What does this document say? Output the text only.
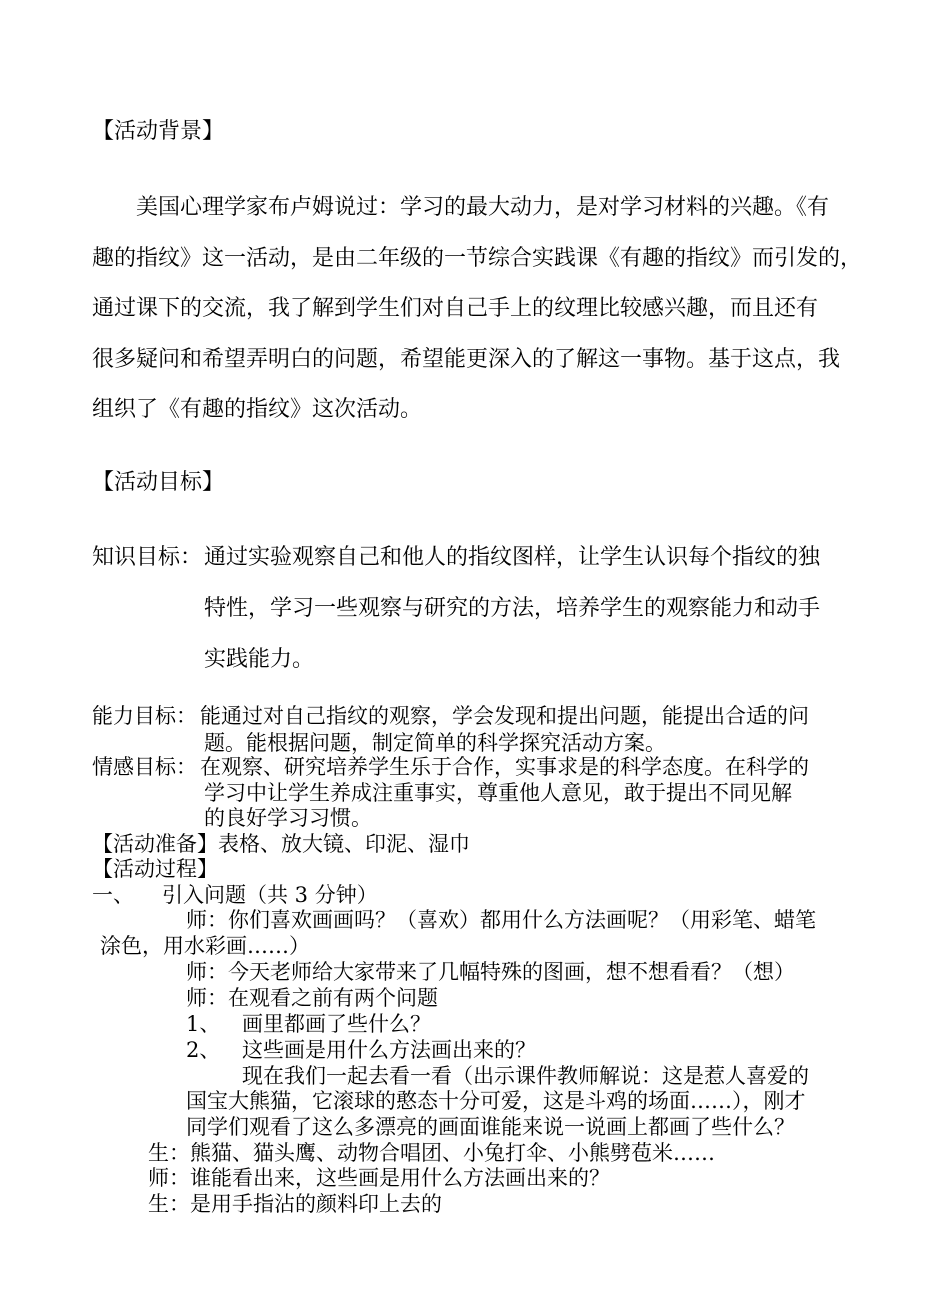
【活动背景】
美国心理学家布卢姆说过：学习的最大动力，是对学习材料的兴趣。《有
趣的指纹》这一活动，是由二年级的一节综合实践课《有趣的指纹》而引发的，
通过课下的交流，我了解到学生们对自己手上的纹理比较感兴趣，而且还有
很多疑问和希望弄明白的问题，希望能更深入的了解这一事物。基于这点，我
组织了《有趣的指纹》这次活动。
【活动目标】
知识目标： 通过实验观察自己和他人的指纹图样，让学生认识每个指纹的独
特性，学习一些观察与研究的方法，培养学生的观察能力和动手
实践能力。
能力目标： 能通过对自己指纹的观察，学会发现和提出问题，能提出合适的问
题。能根据问题，制定简单的科学探究活动方案。
情感目标： 在观察、研究培养学生乐于合作，实事求是的科学态度。在科学的
学习中让学生养成注重事实，尊重他人意见，敢于提出不同见解
的良好学习习惯。
【活动准备】表格、放大镜、印泥、湿巾
【活动过程】
一、 引入问题（共 3 分钟）
师：你们喜欢画画吗？（喜欢）都用什么方法画呢？（用彩笔、蜡笔
涂色，用水彩画……）
师：今天老师给大家带来了几幅特殊的图画，想不想看看？（想）
师：在观看之前有两个问题
1、 画里都画了些什么？
2、 这些画是用什么方法画出来的？
现在我们一起去看一看（出示课件教师解说：这是惹人喜爱的
国宝大熊猫，它滚球的憨态十分可爱，这是斗鸡的场面……），刚才
同学们观看了这么多漂亮的画面谁能来说一说画上都画了些什么？
生：熊猫、猫头鹰、动物合唱团、小兔打伞、小熊劈苞米……
师：谁能看出来，这些画是用什么方法画出来的？
生：是用手指沾的颜料印上去的
